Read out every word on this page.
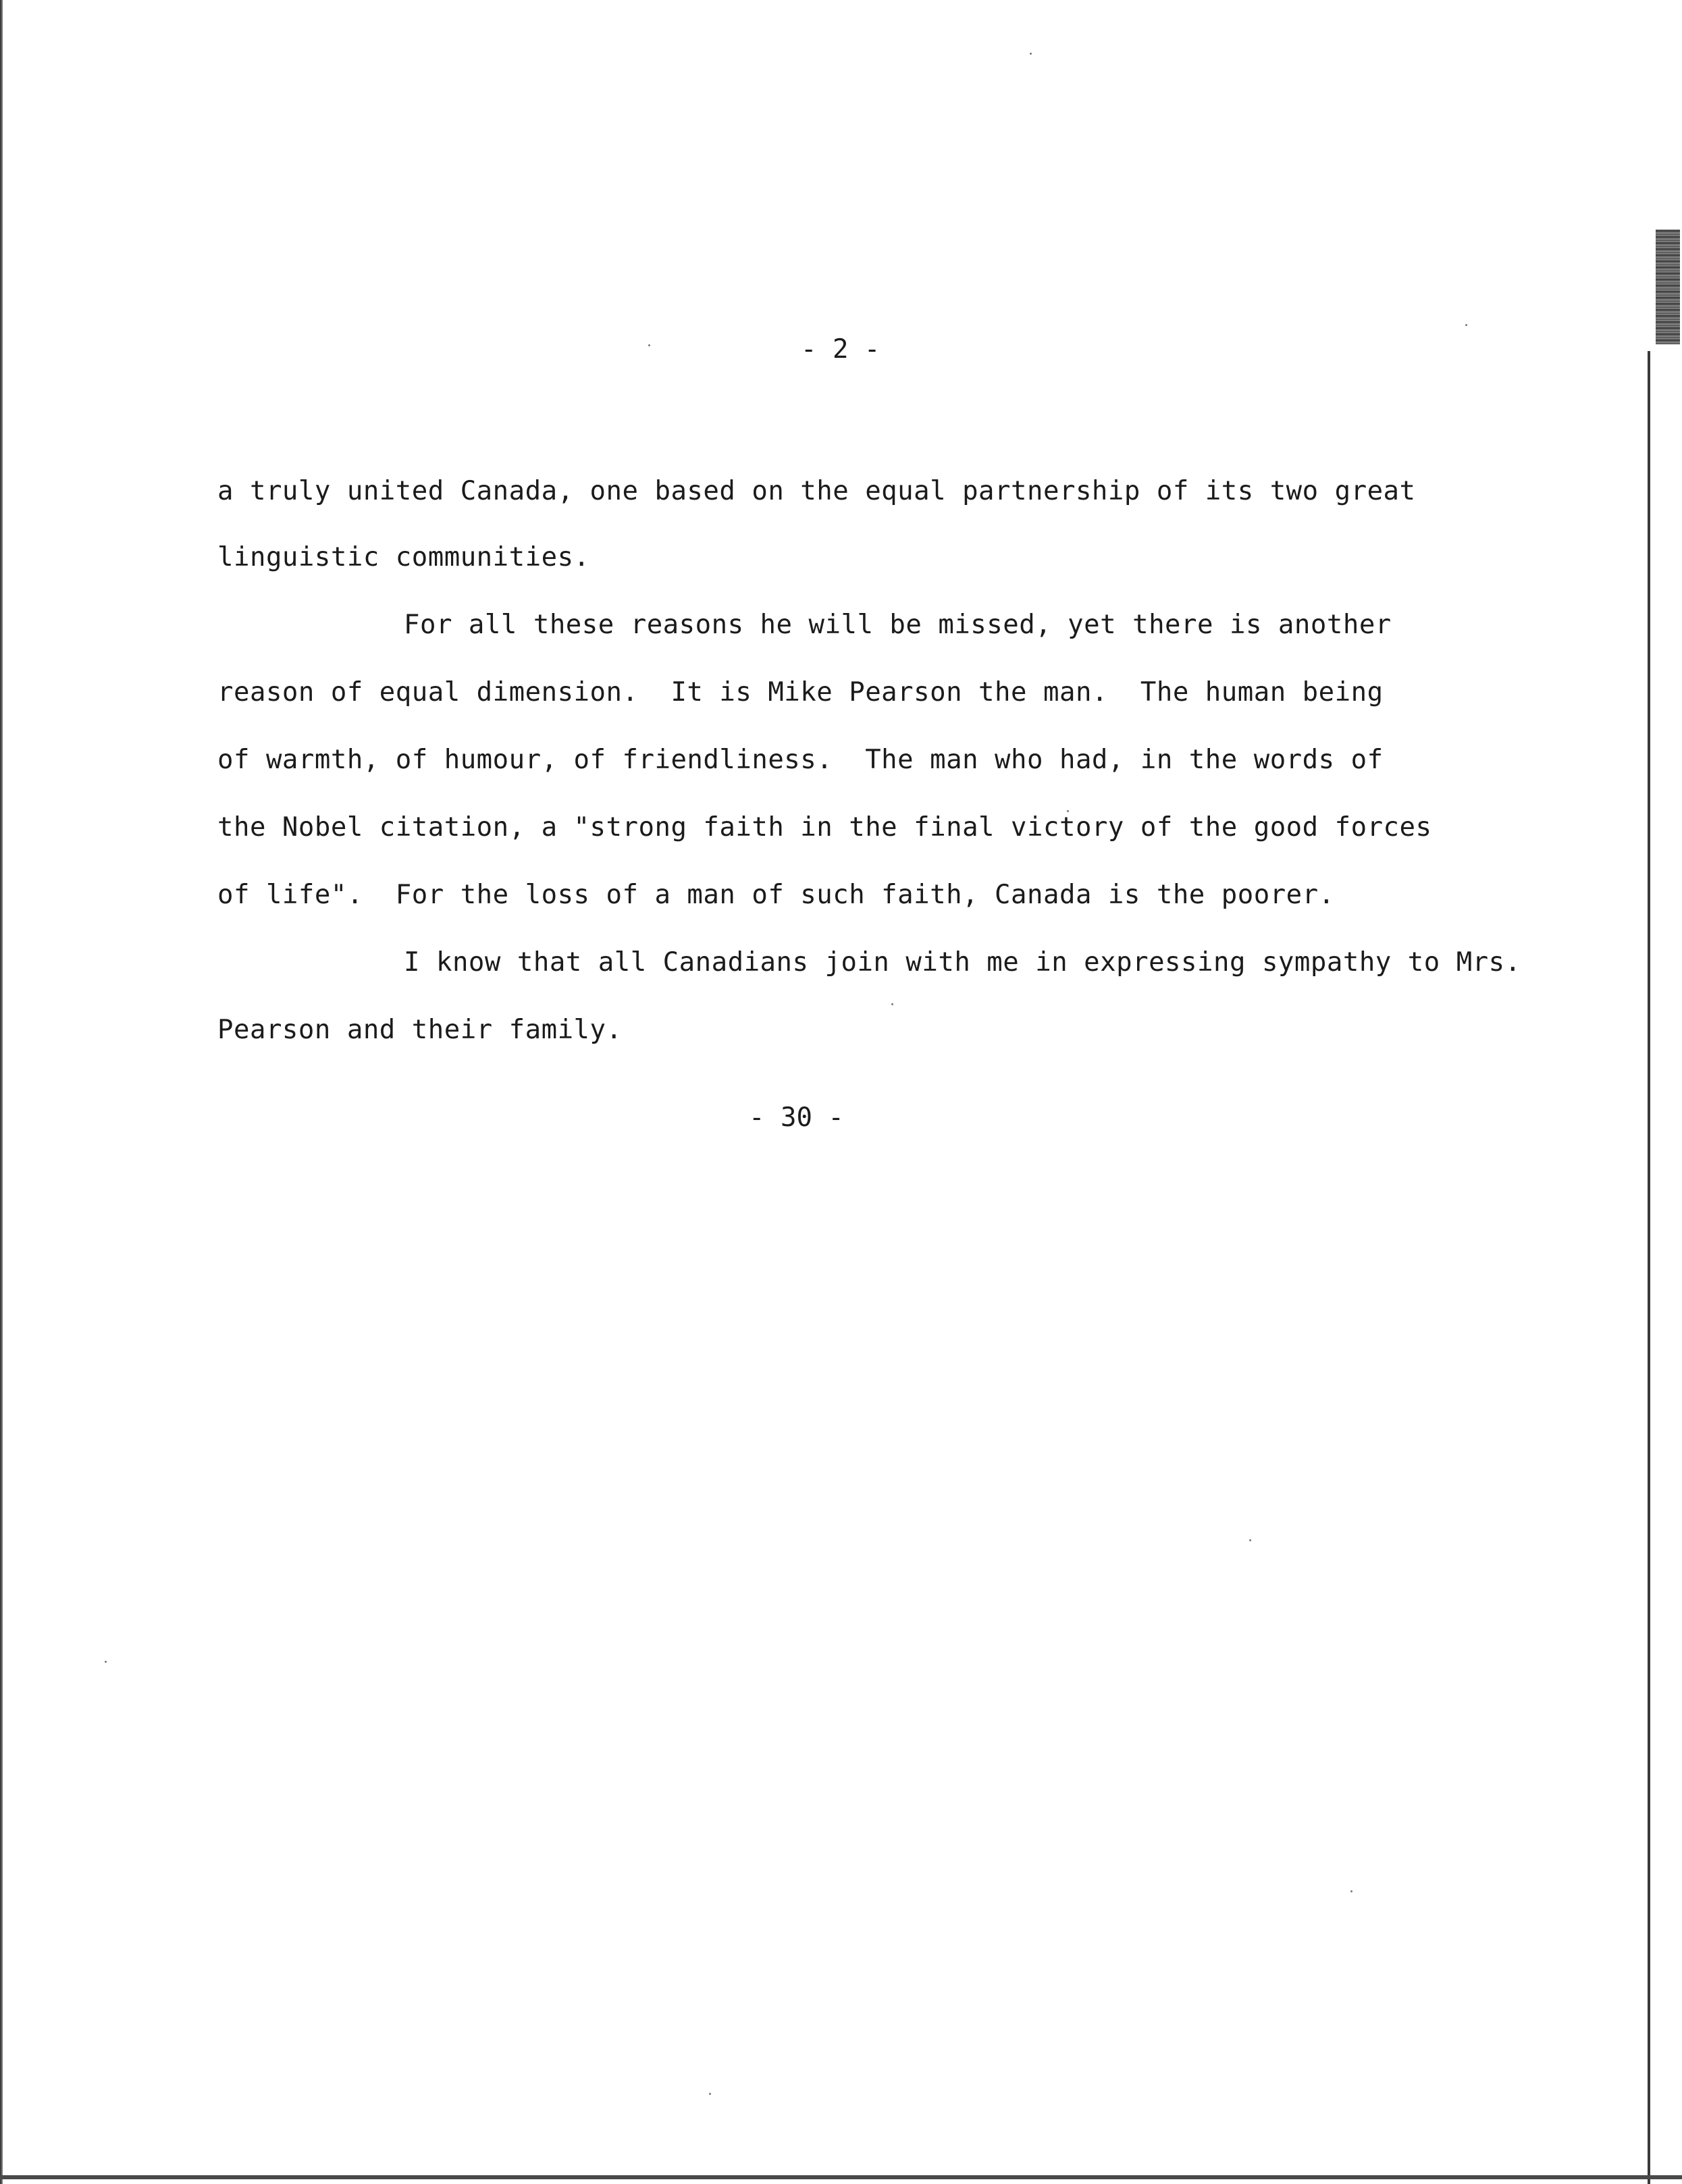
- 2 -
a truly united Canada, one based on the equal partnership of its two great
linguistic communities.
For all these reasons he will be missed, yet there is another
reason of equal dimension.  It is Mike Pearson the man.  The human being
of warmth, of humour, of friendliness.  The man who had, in the words of
the Nobel citation, a "strong faith in the final victory of the good forces
of life".  For the loss of a man of such faith, Canada is the poorer.
I know that all Canadians join with me in expressing sympathy to Mrs.
Pearson and their family.
- 30 -
